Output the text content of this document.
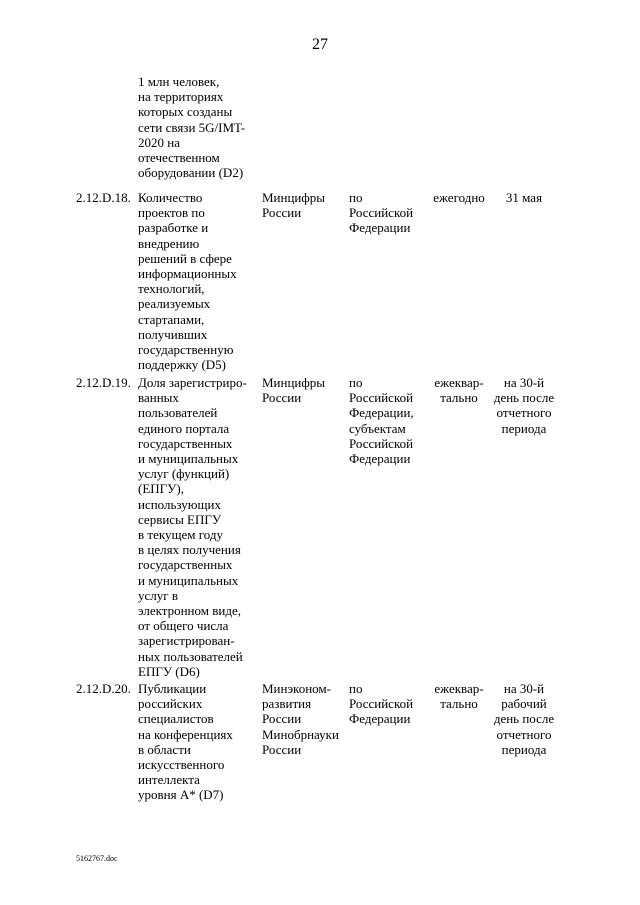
27
1 млн человек,
на территориях
которых созданы
сети связи 5G/IMT-
2020 на
отечественном
оборудовании (D2)
2.12.D.18. Количество
проектов по
разработке и
внедрению
решений в сфере
информационных
технологий,
реализуемых
стартапами,
получивших
государственную
поддержку (D5)
Минцифры
России
по
Российской
Федерации
ежегодно	31 мая
2.12.D.19. Доля зарегистриро-
ванных
пользователей
единого портала
государственных
и муниципальных
услуг (функций)
(ЕПГУ),
использующих
сервисы ЕПГУ
в текущем году
в целях получения
государственных
и муниципальных
услуг в
электронном виде,
от общего числа
зарегистрирован-
ных пользователей
ЕПГУ (D6)
Минцифры
России
по
Российской
Федерации,
субъектам
Российской
Федерации
ежеквар-
тально
на 30-й
день после
отчетного
периода
2.12.D.20. Публикации
российских
специалистов
на конференциях
в области
искусственного
интеллекта
уровня А* (D7)
Минэконом-
развития
России
Минобрнауки
России
по
Российской
Федерации
ежеквар-
тально
на 30-й
рабочий
день после
отчетного
периода
5162767.doc
